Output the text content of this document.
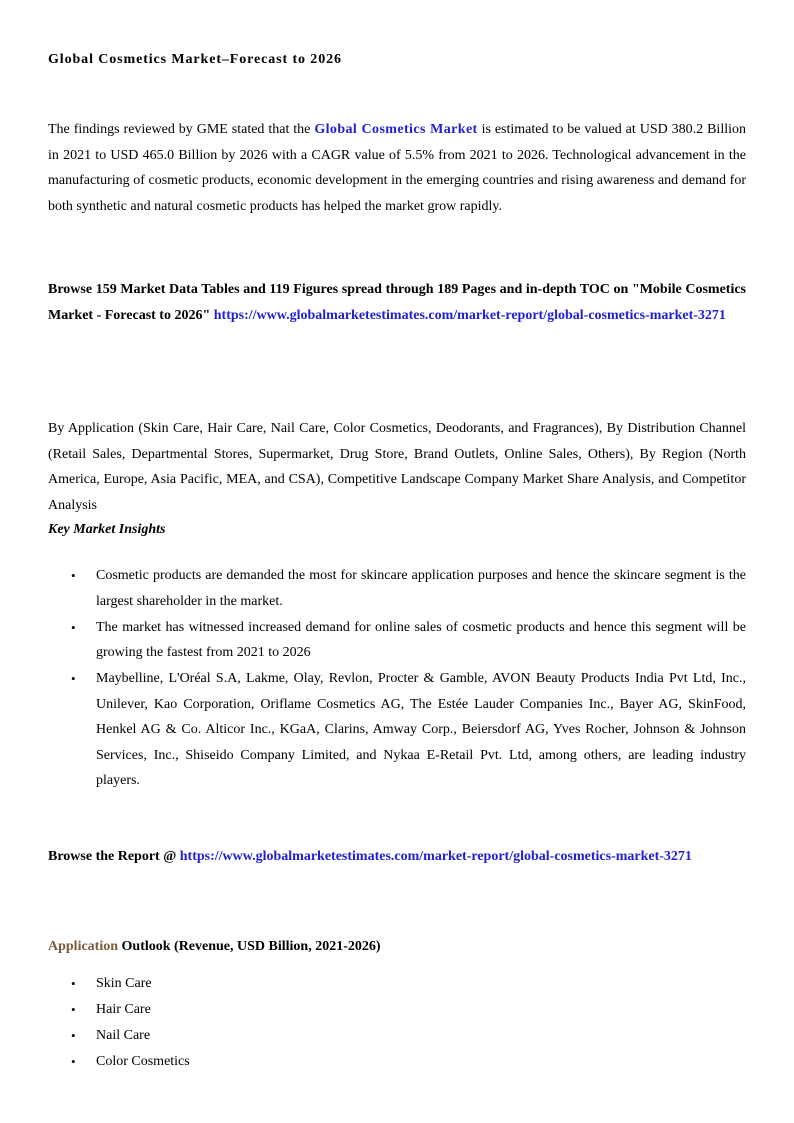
Global Cosmetics Market–Forecast to 2026

The findings reviewed by GME stated that the Global Cosmetics Market is estimated to be valued at USD 380.2 Billion in 2021 to USD 465.0 Billion by 2026 with a CAGR value of 5.5% from 2021 to 2026. Technological advancement in the manufacturing of cosmetic products, economic development in the emerging countries and rising awareness and demand for both synthetic and natural cosmetic products has helped the market grow rapidly.

Browse 159 Market Data Tables and 119 Figures spread through 189 Pages and in-depth TOC on "Mobile Cosmetics Market - Forecast to 2026" https://www.globalmarketestimates.com/market-report/global-cosmetics-market-3271

By Application (Skin Care, Hair Care, Nail Care, Color Cosmetics, Deodorants, and Fragrances), By Distribution Channel (Retail Sales, Departmental Stores, Supermarket, Drug Store, Brand Outlets, Online Sales, Others), By Region (North America, Europe, Asia Pacific, MEA, and CSA), Competitive Landscape Company Market Share Analysis, and Competitor Analysis

Key Market Insights
• Cosmetic products are demanded the most for skincare application purposes and hence the skincare segment is the largest shareholder in the market.
• The market has witnessed increased demand for online sales of cosmetic products and hence this segment will be growing the fastest from 2021 to 2026
• Maybelline, L'Oréal S.A, Lakme, Olay, Revlon, Procter & Gamble, AVON Beauty Products India Pvt Ltd, Inc., Unilever, Kao Corporation, Oriflame Cosmetics AG, The Estée Lauder Companies Inc., Bayer AG, SkinFood, Henkel AG & Co. Alticor Inc., KGaA, Clarins, Amway Corp., Beiersdorf AG, Yves Rocher, Johnson & Johnson Services, Inc., Shiseido Company Limited, and Nykaa E-Retail Pvt. Ltd, among others, are leading industry players.

Browse the Report @ https://www.globalmarketestimates.com/market-report/global-cosmetics-market-3271

Application Outlook (Revenue, USD Billion, 2021-2026)
• Skin Care
• Hair Care
• Nail Care
• Color Cosmetics
